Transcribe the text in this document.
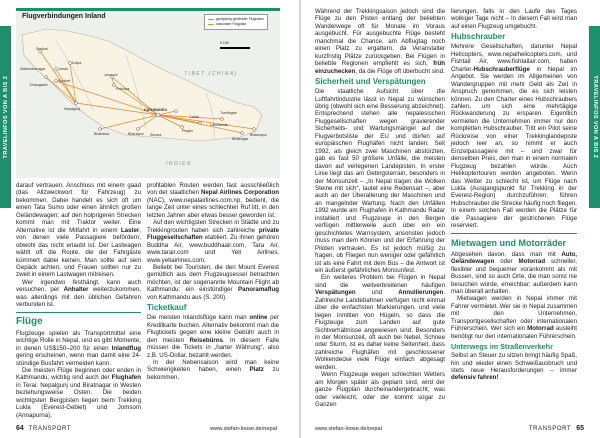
TRAVELINFOS VON A BIS Z
Flugverbindungen Inland	ganzjährig geöffneter Flughafen
saisonaler Flugplatz
0 100
TIBET (CHINA)
INDIEN
Simikot
Jumla
Dolpa
Mahendranagar
Dhangadhi
Surkhet
Nepalgunj
Jomsom
Pokhara
Bhairawa	Bharatpur Simara
KATHMANDU
Lukla
Phaplu
Lamidanda
Tumlingtar
Biratnagar
Bhadrapur

darauf vertrauen, Anschluss mit einem gaad (das Allzweckwort für Fahrzeug) zu bekommen. Dabei handelt es sich oft um einen Tata Sumo oder einen ähnlich großen Geländewagen; auf den holprigeren Strecken kommt man mit Traktor weiter. Eine Alternative ist die Mitfahrt in einem Laster, von denen viele Passagiere befördern, obwohl das nicht erlaubt ist. Der Lastwagen wählt oft die Route, die der Fahrgäste kümmert dabei keinen. Man sollte auf sein Gepäck achten, und Frauen sollten nur zu zweit in einem Lastwagen mitreisen.

Wer irgendwo festhängt, kann auch versuchen, per Anhalter weiterzukommen, was allerdings mit den üblichen Gefahren verbunden ist.

Flüge

Flugzeuge spielen als Transportmittel eine wichtige Rolle in Nepal, und es gibt Momente, in denen US$150–200 für einen Inlandflug gering erscheinen, wenn man damit eine 24-stündige Busfahrt vermeiden kann.

Die meisten Flüge beginnen oder enden in Kathmandu; wichtig sind auch der Flughafen in Terai: Nepalgunj und Biratnagar in Westen beziehungsweise Osten. Die beiden wichtigsten Bergpisten liegen beim Trekking Lukla (Everest-Gebiet) und Jomsom (Annapurna).

profitablen Routen werden fast ausschließlich von der staatlichen Nepal Airlines Corporation (NAC), www.nepalairlines.com.np, bedient, die lange Zeit unter eines schlechten Ruf litt, in den letzten Jahren aber etwas besser geworden ist.

Auf den wichtigsten Strecken in Städte und zu Trekkingrouten haben sich zahlreiche private Fluggesellschaften etabliert. Zu ihnen gehören Buddha Air, www.buddhaair.com, Tara Air, www.tarair.com und Yeti Airlines, www.yetiairlines.com.

Beliebt bei Touristen, die den Mount Everest gemütlich aus dem Flugzeugsessel betrachten möchten, ist der sogenannte Mountain Flight ab Kathmandu: ein einstündiger Panoramaflug von Kathmandu aus (S. 200).

Ticketkauf

Die meisten Inlandsflüge kann man online per Kreditkarte buchen. Alternativ bekommt man die Flugtickets gegen eine kleine Gebühr auch in den meisten Reisebüros. In diesem Falle müssen die Tickets in „harter Währung“, also z.B. US-Dollar, bezahlt werden.

In der Nebensaison wird man keine Schwierigkeiten haben, einen Platz zu bekommen,

64 TRANSPORT	www.stefan-loose.de/nepal
TRAVELINFOS VON A BIS Z

Während der Trekkingsaison jedoch sind die Flüge zu den Pisten entlang der beliebten Wanderwege oft für Monate im Voraus ausgebucht. Für ausgebuchte Flüge besteht manchmal die Chance, am Abflugtag noch einen Platz zu ergattern, da Veranstalter kurzfristig Plätze zurückgeben. Bei Flügen in beliebte Regionen empfiehlt es sich, früh einzuchecken, da die Flüge oft überbucht sind.

Sicherheit und Verspätungen

Die staatliche Aufsicht über die Luftfahrtindustrie lässt in Nepal zu wünschen übrig (obwohl sich eine Besserung abzeichnet). Entsprechend stehen alle nepalesischen Fluggesellschaften wegen gravierender Sicherheits- und Wartungsmängel auf der Flugverbotsliste der EU und dürfen auf europäischen Flughäfen nicht landen. Seit 1992, als gleich zwei Maschinen abstürzten, gab es fast 50 größere Unfälle, die meisten davon auf verlegenen Landepisten. In erster Linie liegt das am Gebirgsterrain, besonders in der Monsunzeit – „In Nepal tragen die Wolken Steine mit sich“, lautet eine Redensart –, aber auch an der Überalterung der Maschinen und an mangelnder Wartung. Nach den Unfällen 1992 wurde am Flughafen in Kathmandu Radar installiert und Flugzeuge in den Bergen verfügen mittlerweile auch über ein ein geschichtetes Warnsystem, ansonsten jedoch muss man dem Können und der Erfahrung der Piloten vertrauen. Es ist jedoch müßig zu fragen, ob Fliegen nun weniger oder gefährlich ist als eine Fahrt mit dem Bus – die Antwort ist ein äußerst gefährliches Monsunfest.

Ein weiteres Problem bei Flügen in Nepal sind die weitverbreitenen häufigen Verspätungen	und	Annullierungen. Zahlreiche Landebahnen verfügen nicht einmal über die einfachsten Markierungen, und viele liegen inmitten von Hügeln, so dass die Flugzeuge zum Landen auf gute Sichtverhältnisse angewiesen sind. Besonders in der Monsunzeit, oft auch bei Nebel, Schnee oder Sturm, ist es daher keine Seltenheit, dass zahlreiche Flughäfen mit geschlossener Wolkendecke viele Flüge einfach abgesagt werden.

Wenn Flugzeuge wegen schlechten Wetters am Morgen später als geplant sind, wird der ganze Flugplan durcheinandergebracht, was oder vielleicht, oder der kommt sogar zu Ganzen

lierungen, falls in den Laufe des Tages wolkiger Tage nicht – In diesem Fall wird man auf einen Flugzeug umgebucht.

Hubschrauber

Mehrere Gesellschaften, darunter Nepal Helicopters, www.nepalhelicopters.com, und Fishtail Air, www.fishtailair.com, haben Charter-Hubschrauberflüge in Nepal im Angebot. Sie werden im Allgemeinen von Wandergruppen mit mehr Geld als Zeit in Anspruch genommen, die es sich leisten können. Zu den Charter eines Hubschraubers zahlen, um sich eine mehrtägige Rückwanderung zu ersparen. Eigentlich vermieten die Unternehmen immer nur den kompletten Hubschrauber. Tritt ein Pilot seine Rückreise von einer Trekkinglandepiste jedoch leer an, so nimmt er auch Einzelpassagiere mit – und zwar für denselben Preis, den man in einem normalen Flugzeug bezahlen würde. Auch Helikoptertouren werden angeboten. Wenn das Wetter zu schlecht ist, um Flüge nach Lukla (Ausgangspunkt für Trekking in der Everest-Region) durchzuführen, führen Hubschrauber die Strecke häufig noch fliegen. In einem solchen Fall werden die Plätze für die Passagiere der gestrichenen Flüge reserviert.

Mietwagen und Motorräder

Abgesehen davon, dass man mit Auto, Geländewagen oder Motorrad schneller, flexibler und bequemer vorankommt als mit Bussen, sind so auch Orte, die man sonst nie besuchen würde, erreichbar; außerdem kann man überall anhalten.

Mietwagen werden in Nepal immer mit Fahrer vermietet. Wer sie in Nepal zusammen mit den Unternehmen, Transportgesellschaften oder internationalen Führerschein. Wer sich ein Motorrad ausleiht benötigt nur den internationalen Führerschein.

Unterwegs im Straßenverkehr

Selbst an Steuer zu sitzen bringt häufig Spaß, hin und wieder einen Schweißausbruch und stets neue Herausforderungen – immer defensiv fahren!

www.stefan-loose.de/nepal	TRANSPORT 65
